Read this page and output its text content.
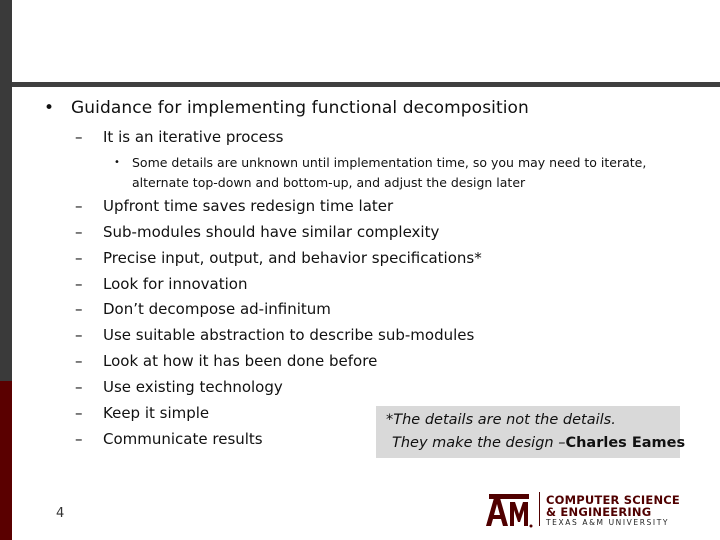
• Guidance for implementing functional decomposition
– It is an iterative process
• Some details are unknown until implementation time, so you may need to iterate, alternate top-down and bottom-up, and adjust the design later
– Upfront time saves redesign time later
– Sub-modules should have similar complexity
– Precise input, output, and behavior specifications*
– Look for innovation
– Don’t decompose ad-infinitum
– Use suitable abstraction to describe sub-modules
– Look at how it has been done before
– Use existing technology
– Keep it simple
– Communicate results
*The details are not the details.
They make the design –Charles Eames
4
COMPUTER SCIENCE
& ENGINEERING
TEXAS A&M UNIVERSITY
